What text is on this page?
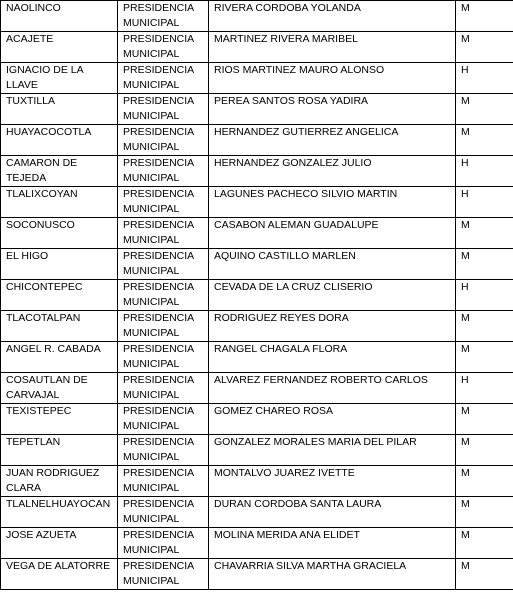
NAOLINCO	PRESIDENCIA MUNICIPAL	RIVERA CORDOBA YOLANDA	M
ACAJETE	PRESIDENCIA MUNICIPAL	MARTINEZ RIVERA MARIBEL	M
IGNACIO DE LA LLAVE	PRESIDENCIA MUNICIPAL	RIOS MARTINEZ MAURO ALONSO	H
TUXTILLA	PRESIDENCIA MUNICIPAL	PEREA SANTOS ROSA YADIRA	M
HUAYACOCOTLA	PRESIDENCIA MUNICIPAL	HERNANDEZ GUTIERREZ ANGELICA	M
CAMARON DE TEJEDA	PRESIDENCIA MUNICIPAL	HERNANDEZ GONZALEZ JULIO	H
TLALIXCOYAN	PRESIDENCIA MUNICIPAL	LAGUNES PACHECO SILVIO MARTIN	H
SOCONUSCO	PRESIDENCIA MUNICIPAL	CASABON ALEMAN GUADALUPE	M
EL HIGO	PRESIDENCIA MUNICIPAL	AQUINO CASTILLO MARLEN	M
CHICONTEPEC	PRESIDENCIA MUNICIPAL	CEVADA DE LA CRUZ CLISERIO	H
TLACOTALPAN	PRESIDENCIA MUNICIPAL	RODRIGUEZ REYES DORA	M
ANGEL R. CABADA	PRESIDENCIA MUNICIPAL	RANGEL CHAGALA FLORA	M
COSAUTLAN DE CARVAJAL	PRESIDENCIA MUNICIPAL	ALVAREZ FERNANDEZ ROBERTO CARLOS	H
TEXISTEPEC	PRESIDENCIA MUNICIPAL	GOMEZ CHAREO ROSA	M
TEPETLAN	PRESIDENCIA MUNICIPAL	GONZALEZ MORALES MARIA DEL PILAR	M
JUAN RODRIGUEZ CLARA	PRESIDENCIA MUNICIPAL	MONTALVO JUAREZ IVETTE	M
TLALNELHUAYOCAN	PRESIDENCIA MUNICIPAL	DURAN CORDOBA SANTA LAURA	M
JOSE AZUETA	PRESIDENCIA MUNICIPAL	MOLINA MERIDA ANA ELIDET	M
VEGA DE ALATORRE	PRESIDENCIA MUNICIPAL	CHAVARRIA SILVA MARTHA GRACIELA	M
